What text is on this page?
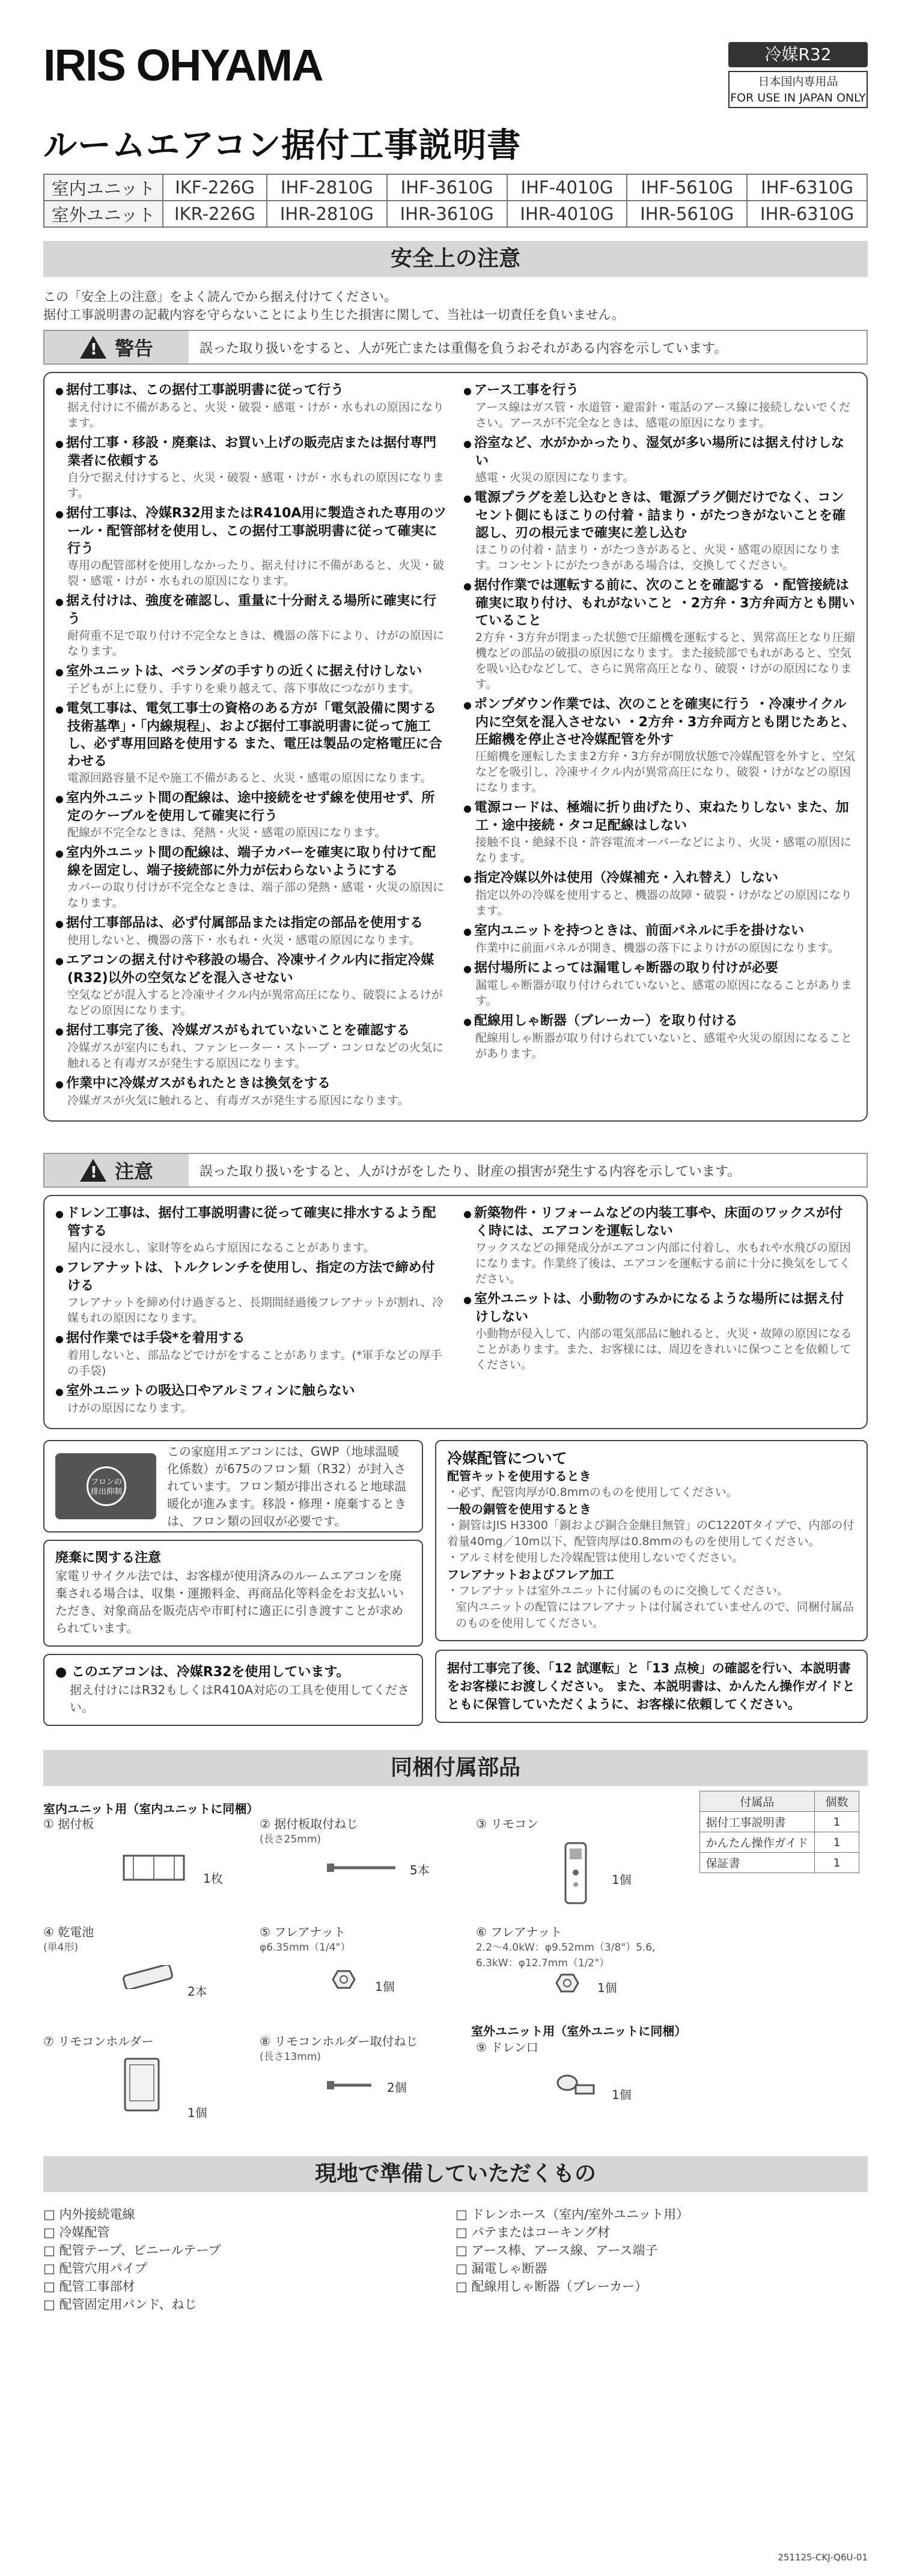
IRIS OHYAMA	冷媒R32
日本国内専用品
FOR USE IN JAPAN ONLY
ルームエアコン据付工事説明書
室内ユニット	IKF-226G	IHF-2810G	IHF-3610G	IHF-4010G	IHF-5610G	IHF-6310G
室外ユニット	IKR-226G	IHR-2810G	IHR-3610G	IHR-4010G	IHR-5610G	IHR-6310G
安全上の注意
この「安全上の注意」をよく読んでから据え付けてください。
据付工事説明書の記載内容を守らないことにより生じた損害に関して、当社は一切責任を負いません。
! 警告	誤った取り扱いをすると、人が死亡または重傷を負うおそれがある内容を示しています。
● 据付工事は、この据付工事説明書に従って行う
据え付けに不備があると、火災・破裂・感電・けが・水もれの原因になります。
● 据付工事・移設・廃棄は、お買い上げの販売店または据付専門業者に依頼する
自分で据え付けすると、火災・破裂・感電・けが・水もれの原因になります。
● 据付工事は、冷媒R32用またはR410A用に製造された専用のツール・配管部材を使用し、この据付工事説明書に従って確実に行う
専用の配管部材を使用しなかったり、据え付けに不備があると、火災・破裂・感電・けが・水もれの原因になります。
● 据え付けは、強度を確認し、重量に十分耐える場所に確実に行う
耐荷重不足で取り付け不完全なときは、機器の落下により、けがの原因になります。
● 室外ユニットは、ベランダの手すりの近くに据え付けしない
子どもが上に登り、手すりを乗り越えて、落下事故につながります。
● 電気工事は、電気工事士の資格のある方が「電気設備に関する技術基準」・「内線規程」、および据付工事説明書に従って施工し、必ず専用回路を使用する また、電圧は製品の定格電圧に合わせる
電源回路容量不足や施工不備があると、火災・感電の原因になります。
● 室内外ユニット間の配線は、途中接続をせず線を使用せず、所定のケーブルを使用して確実に行う
配線が不完全なときは、発熱・火災・感電の原因になります。
● 室内外ユニット間の配線は、端子カバーを確実に取り付けて配線を固定し、端子接続部に外力が伝わらないようにする
カバーの取り付けが不完全なときは、端子部の発熱・感電・火災の原因になります。
● 据付工事部品は、必ず付属部品または指定の部品を使用する
使用しないと、機器の落下・水もれ・火災・感電の原因になります。
● エアコンの据え付けや移設の場合、冷凍サイクル内に指定冷媒(R32)以外の空気などを混入させない
空気などが混入すると冷凍サイクル内が異常高圧になり、破裂によるけがなどの原因になります。
● 据付工事完了後、冷媒ガスがもれていないことを確認する
冷媒ガスが室内にもれ、ファンヒーター・ストーブ・コンロなどの火気に触れると有毒ガスが発生する原因になります。
● 作業中に冷媒ガスがもれたときは換気をする
冷媒ガスが火気に触れると、有毒ガスが発生する原因になります。
● アース工事を行う
アース線はガス管・水道管・避雷針・電話のアース線に接続しないでください。アースが不完全なときは、感電の原因になります。
● 浴室など、水がかかったり、湿気が多い場所には据え付けしない
感電・火災の原因になります。
● 電源プラグを差し込むときは、電源プラグ側だけでなく、コンセント側にもほこりの付着・詰まり・がたつきがないことを確認し、刃の根元まで確実に差し込む
ほこりの付着・詰まり・がたつきがあると、火災・感電の原因になります。コンセントにがたつきがある場合は、交換してください。
● 据付作業では運転する前に、次のことを確認する ・配管接続は確実に取り付け、もれがないこと ・2方弁・3方弁両方とも開いていること
2方弁・3方弁が閉まった状態で圧縮機を運転すると、異常高圧となり圧縮機などの部品の破損の原因になります。また接続部でもれがあると、空気を吸い込むなどして、さらに異常高圧となり、破裂・けがの原因になります。
● ポンプダウン作業では、次のことを確実に行う ・冷凍サイクル内に空気を混入させない ・2方弁・3方弁両方とも閉じたあと、圧縮機を停止させ冷媒配管を外す
圧縮機を運転したまま2方弁・3方弁が開放状態で冷媒配管を外すと、空気などを吸引し、冷凍サイクル内が異常高圧になり、破裂・けがなどの原因になります。
● 電源コードは、極端に折り曲げたり、束ねたりしない また、加工・途中接続・タコ足配線はしない
接触不良・絶縁不良・許容電流オーバーなどにより、火災・感電の原因になります。
● 指定冷媒以外は使用（冷媒補充・入れ替え）しない
指定以外の冷媒を使用すると、機器の故障・破裂・けがなどの原因になります。
● 室内ユニットを持つときは、前面パネルに手を掛けない
作業中に前面パネルが開き、機器の落下によりけがの原因になります。
● 据付場所によっては漏電しゃ断器の取り付けが必要
漏電しゃ断器が取り付けられていないと、感電の原因になることがあります。
● 配線用しゃ断器（ブレーカー）を取り付ける
配線用しゃ断器が取り付けられていないと、感電や火災の原因になることがあります。
! 注意	誤った取り扱いをすると、人がけがをしたり、財産の損害が発生する内容を示しています。
● ドレン工事は、据付工事説明書に従って確実に排水するよう配管する
屋内に浸水し、家財等をぬらす原因になることがあります。
● フレアナットは、トルクレンチを使用し、指定の方法で締め付ける
フレアナットを締め付け過ぎると、長期間経過後フレアナットが割れ、冷媒もれの原因になります。
● 据付作業では手袋*を着用する
着用しないと、部品などでけがをすることがあります。(*軍手などの厚手の手袋)
● 室外ユニットの吸込口やアルミフィンに触らない
けがの原因になります。
● 新築物件・リフォームなどの内装工事や、床面のワックスが付く時には、エアコンを運転しない
ワックスなどの揮発成分がエアコン内部に付着し、水もれや水飛びの原因になります。作業終了後は、エアコンを運転する前に十分に換気をしてください。
● 室外ユニットは、小動物のすみかになるような場所には据え付けしない
小動物が侵入して、内部の電気部品に触れると、火災・故障の原因になることがあります。また、お客様には、周辺をきれいに保つことを依頼してください。
フロンの排出抑制
この家庭用エアコンには、GWP（地球温暖化係数）が675のフロン類（R32）が封入されています。フロン類が排出されると地球温暖化が進みます。移設・修理・廃棄するときは、フロン類の回収が必要です。
廃棄に関する注意
家電リサイクル法では、お客様が使用済みのルームエアコンを廃棄される場合は、収集・運搬料金、再商品化等料金をお支払いいただき、対象商品を販売店や市町村に適正に引き渡すことが求められています。
● このエアコンは、冷媒R32を使用しています。
据え付けにはR32もしくはR410A対応の工具を使用してください。
冷媒配管について
配管キットを使用するとき
・必ず、配管肉厚が0.8mmのものを使用してください。
一般の銅管を使用するとき
・銅管はJIS H3300「銅および銅合金継目無管」のC1220Tタイプで、内部の付着量40mg／10m以下、配管肉厚は0.8mmのものを使用してください。
・アルミ材を使用した冷媒配管は使用しないでください。
フレアナットおよびフレア加工
・フレアナットは室外ユニットに付属のものに交換してください。
室内ユニットの配管にはフレアナットは付属されていませんので、同梱付属品のものを使用してください。
据付工事完了後、「12 試運転」と「13 点検」の確認を行い、本説明書をお客様にお渡しください。 また、本説明書は、かんたん操作ガイドとともに保管していただくように、お客様に依頼してください。
同梱付属部品
室内ユニット用（室内ユニットに同梱）
① 据付板
1枚
② 据付板取付ねじ
(長さ25mm)
5本
③ リモコン
1個
付属品	個数
据付工事説明書	1
かんたん操作ガイド	1
保証書	1
④ 乾電池
(単4形)
2本
⑤ フレアナット
φ6.35mm（1/4"）
1個
⑥ フレアナット
2.2〜4.0kW：φ9.52mm（3/8"）5.6, 6.3kW：φ12.7mm（1/2"）
1個
⑦ リモコンホルダー
1個
⑧ リモコンホルダー取付ねじ
(長さ13mm)
2個
室外ユニット用（室外ユニットに同梱）
⑨ ドレン口
1個
現地で準備していただくもの
□ 内外接続電線
□ 冷媒配管
□ 配管テープ、ビニールテープ
□ 配管穴用パイプ
□ 配管工事部材
□ 配管固定用バンド、ねじ
□ ドレンホース（室内/室外ユニット用）
□ パテまたはコーキング材
□ アース棒、アース線、アース端子
□ 漏電しゃ断器
□ 配線用しゃ断器（ブレーカー）
251125-CKJ-Q6U-01
